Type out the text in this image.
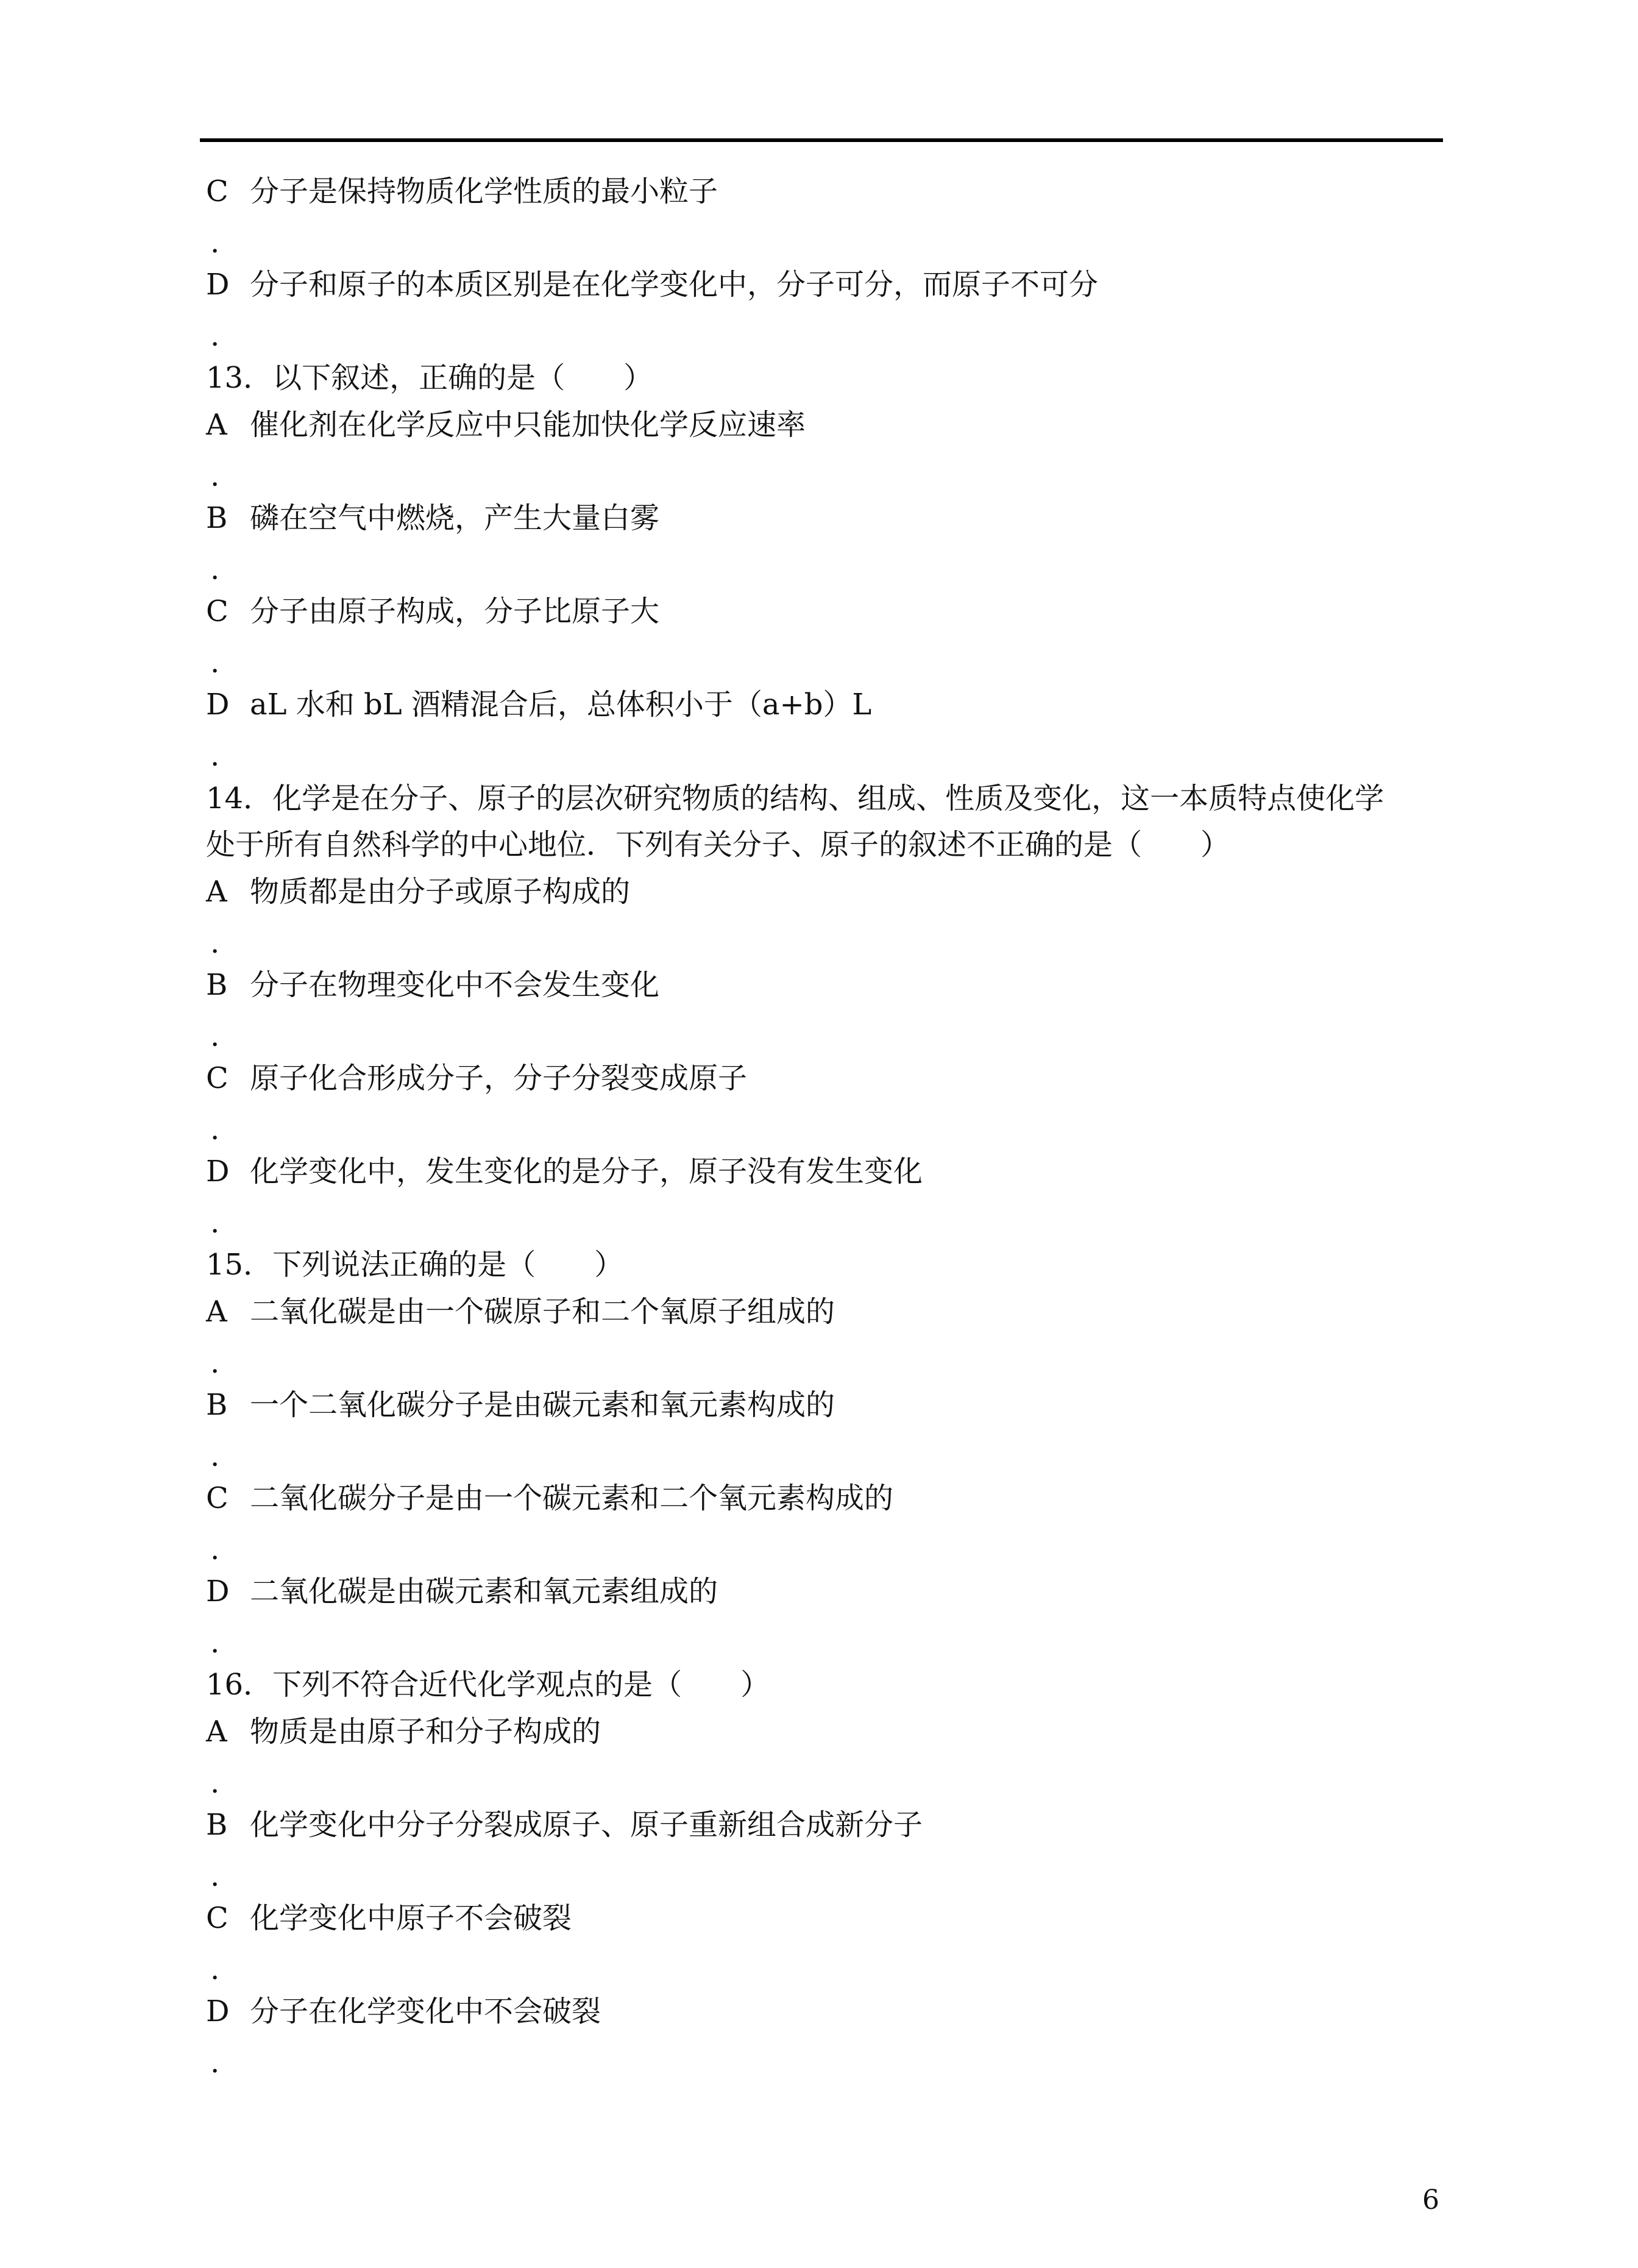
C 分子是保持物质化学性质的最小粒子
.
D 分子和原子的本质区别是在化学变化中，分子可分，而原子不可分
.
13．以下叙述，正确的是（　　）
A 催化剂在化学反应中只能加快化学反应速率
.
B 磷在空气中燃烧，产生大量白雾
.
C 分子由原子构成，分子比原子大
.
D aL 水和 bL 酒精混合后，总体积小于（a+b）L
.
14．化学是在分子、原子的层次研究物质的结构、组成、性质及变化，这一本质特点使化学
处于所有自然科学的中心地位．下列有关分子、原子的叙述不正确的是（　　）
A 物质都是由分子或原子构成的
.
B 分子在物理变化中不会发生变化
.
C 原子化合形成分子，分子分裂变成原子
.
D 化学变化中，发生变化的是分子，原子没有发生变化
.
15．下列说法正确的是（　　）
A 二氧化碳是由一个碳原子和二个氧原子组成的
.
B 一个二氧化碳分子是由碳元素和氧元素构成的
.
C 二氧化碳分子是由一个碳元素和二个氧元素构成的
.
D 二氧化碳是由碳元素和氧元素组成的
.
16．下列不符合近代化学观点的是（　　）
A 物质是由原子和分子构成的
.
B 化学变化中分子分裂成原子、原子重新组合成新分子
.
C 化学变化中原子不会破裂
.
D 分子在化学变化中不会破裂
.
6
